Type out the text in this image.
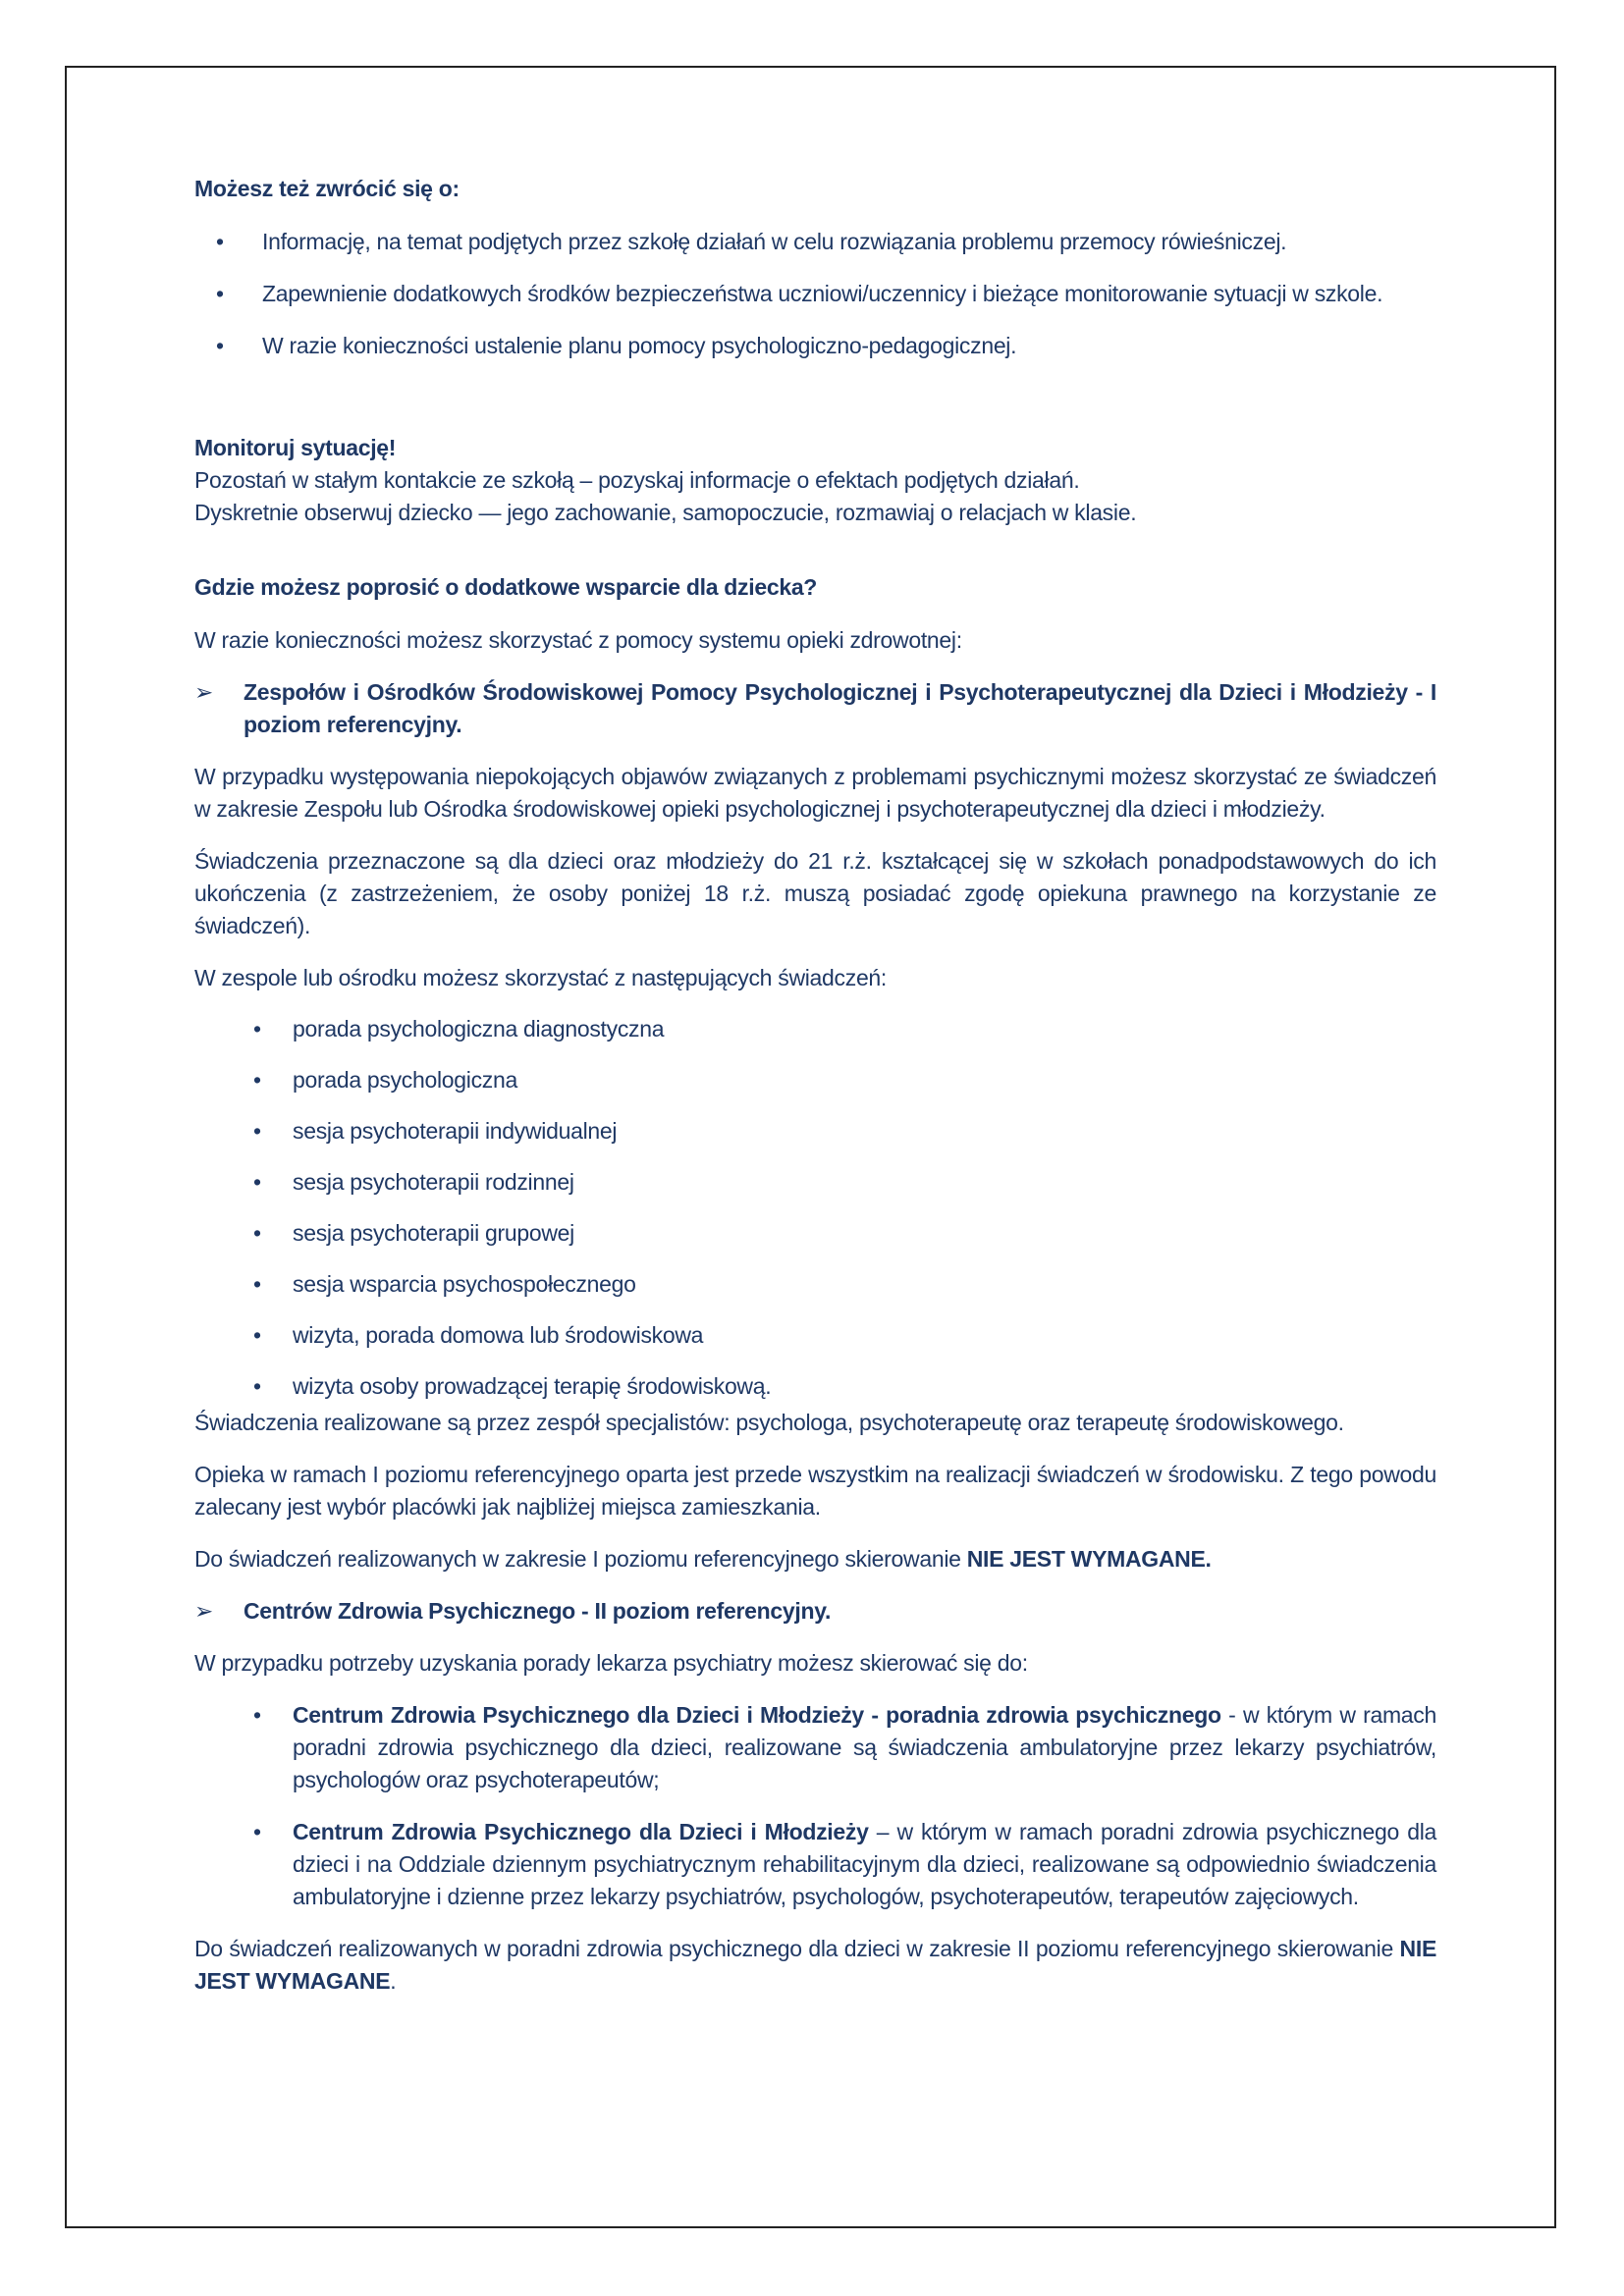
Możesz też zwrócić się o:

• Informację, na temat podjętych przez szkołę działań w celu rozwiązania problemu przemocy rówieśniczej.
• Zapewnienie dodatkowych środków bezpieczeństwa uczniowi/uczennicy i bieżące monitorowanie sytuacji w szkole.
• W razie konieczności ustalenie planu pomocy psychologiczno-pedagogicznej.

Monitoruj sytuację!

Pozostań w stałym kontakcie ze szkołą – pozyskaj informacje o efektach podjętych działań.

Dyskretnie obserwuj dziecko — jego zachowanie, samopoczucie, rozmawiaj o relacjach w klasie.

Gdzie możesz poprosić o dodatkowe wsparcie dla dziecka?

W razie konieczności możesz skorzystać z pomocy systemu opieki zdrowotnej:

➢ Zespołów i Ośrodków Środowiskowej Pomocy Psychologicznej i Psychoterapeutycznej dla Dzieci i Młodzieży - I poziom referencyjny.

W przypadku występowania niepokojących objawów związanych z problemami psychicznymi możesz skorzystać ze świadczeń w zakresie Zespołu lub Ośrodka środowiskowej opieki psychologicznej i psychoterapeutycznej dla dzieci i młodzieży.

Świadczenia przeznaczone są dla dzieci oraz młodzieży do 21 r.ż. kształcącej się w szkołach ponadpodstawowych do ich ukończenia (z zastrzeżeniem, że osoby poniżej 18 r.ż. muszą posiadać zgodę opiekuna prawnego na korzystanie ze świadczeń).

W zespole lub ośrodku możesz skorzystać z następujących świadczeń:

• porada psychologiczna diagnostyczna
• porada psychologiczna
• sesja psychoterapii indywidualnej
• sesja psychoterapii rodzinnej
• sesja psychoterapii grupowej
• sesja wsparcia psychospołecznego
• wizyta, porada domowa lub środowiskowa
• wizyta osoby prowadzącej terapię środowiskową.

Świadczenia realizowane są przez zespół specjalistów: psychologa, psychoterapeutę oraz terapeutę środowiskowego.

Opieka w ramach I poziomu referencyjnego oparta jest przede wszystkim na realizacji świadczeń w środowisku. Z tego powodu zalecany jest wybór placówki jak najbliżej miejsca zamieszkania.

Do świadczeń realizowanych w zakresie I poziomu referencyjnego skierowanie NIE JEST WYMAGANE.

➢ Centrów Zdrowia Psychicznego - II poziom referencyjny.

W przypadku potrzeby uzyskania porady lekarza psychiatry możesz skierować się do:

• Centrum Zdrowia Psychicznego dla Dzieci i Młodzieży - poradnia zdrowia psychicznego - w którym w ramach poradni zdrowia psychicznego dla dzieci, realizowane są świadczenia ambulatoryjne przez lekarzy psychiatrów, psychologów oraz psychoterapeutów;
• Centrum Zdrowia Psychicznego dla Dzieci i Młodzieży – w którym w ramach poradni zdrowia psychicznego dla dzieci i na Oddziale dziennym psychiatrycznym rehabilitacyjnym dla dzieci, realizowane są odpowiednio świadczenia ambulatoryjne i dzienne przez lekarzy psychiatrów, psychologów, psychoterapeutów, terapeutów zajęciowych.

Do świadczeń realizowanych w poradni zdrowia psychicznego dla dzieci w zakresie II poziomu referencyjnego skierowanie NIE JEST WYMAGANE.
